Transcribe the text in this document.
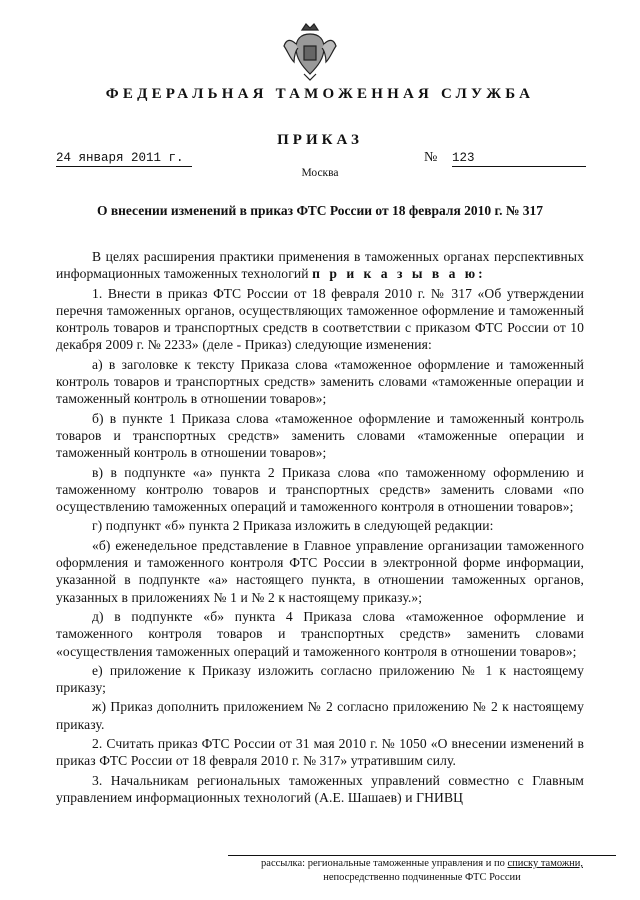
ФЕДЕРАЛЬНАЯ ТАМОЖЕННАЯ СЛУЖБА
ПРИКАЗ
24 января 2011 г.	№ 123
Москва
О внесении изменений в приказ ФТС России от 18 февраля 2010 г. № 317

В целях расширения практики применения в таможенных органах перспективных информационных таможенных технологий п р и к а з ы в а ю:

1. Внести в приказ ФТС России от 18 февраля 2010 г. № 317 «Об утверждении перечня таможенных органов, осуществляющих таможенное оформление и таможенный контроль товаров и транспортных средств в соответствии с приказом ФТС России от 10 декабря 2009 г. № 2233» (деле - Приказ) следующие изменения:

а) в заголовке к тексту Приказа слова «таможенное оформление и таможенный контроль товаров и транспортных средств» заменить словами «таможенные операции и таможенный контроль в отношении товаров»;

б) в пункте 1 Приказа слова «таможенное оформление и таможенный контроль товаров и транспортных средств» заменить словами «таможенные операции и таможенный контроль в отношении товаров»;

в) в подпункте «а» пункта 2 Приказа слова «по таможенному оформлению и таможенному контролю товаров и транспортных средств» заменить словами «по осуществлению таможенных операций и таможенного контроля в отношении товаров»;

г) подпункт «б» пункта 2 Приказа изложить в следующей редакции:

«б) еженедельное представление в Главное управление организации таможенного оформления и таможенного контроля ФТС России в электронной форме информации, указанной в подпункте «а» настоящего пункта, в отношении таможенных органов, указанных в приложениях № 1 и № 2 к настоящему приказу.»;

д) в подпункте «б» пункта 4 Приказа слова «таможенное оформление и таможенного контроля товаров и транспортных средств» заменить словами «осуществления таможенных операций и таможенного контроля в отношении товаров»;

е) приложение к Приказу изложить согласно приложению № 1 к настоящему приказу;

ж) Приказ дополнить приложением № 2 согласно приложению № 2 к настоящему приказу.

2. Считать приказ ФТС России от 31 мая 2010 г. № 1050 «О внесении изменений в приказ ФТС России от 18 февраля 2010 г. № 317» утратившим силу.

3. Начальникам региональных таможенных управлений совместно с Главным управлением информационных технологий (А.Е. Шашаев) и ГНИВЦ

рассылка: региональные таможенные управления и по списку таможни,
непосредственно подчиненные ФТС России
